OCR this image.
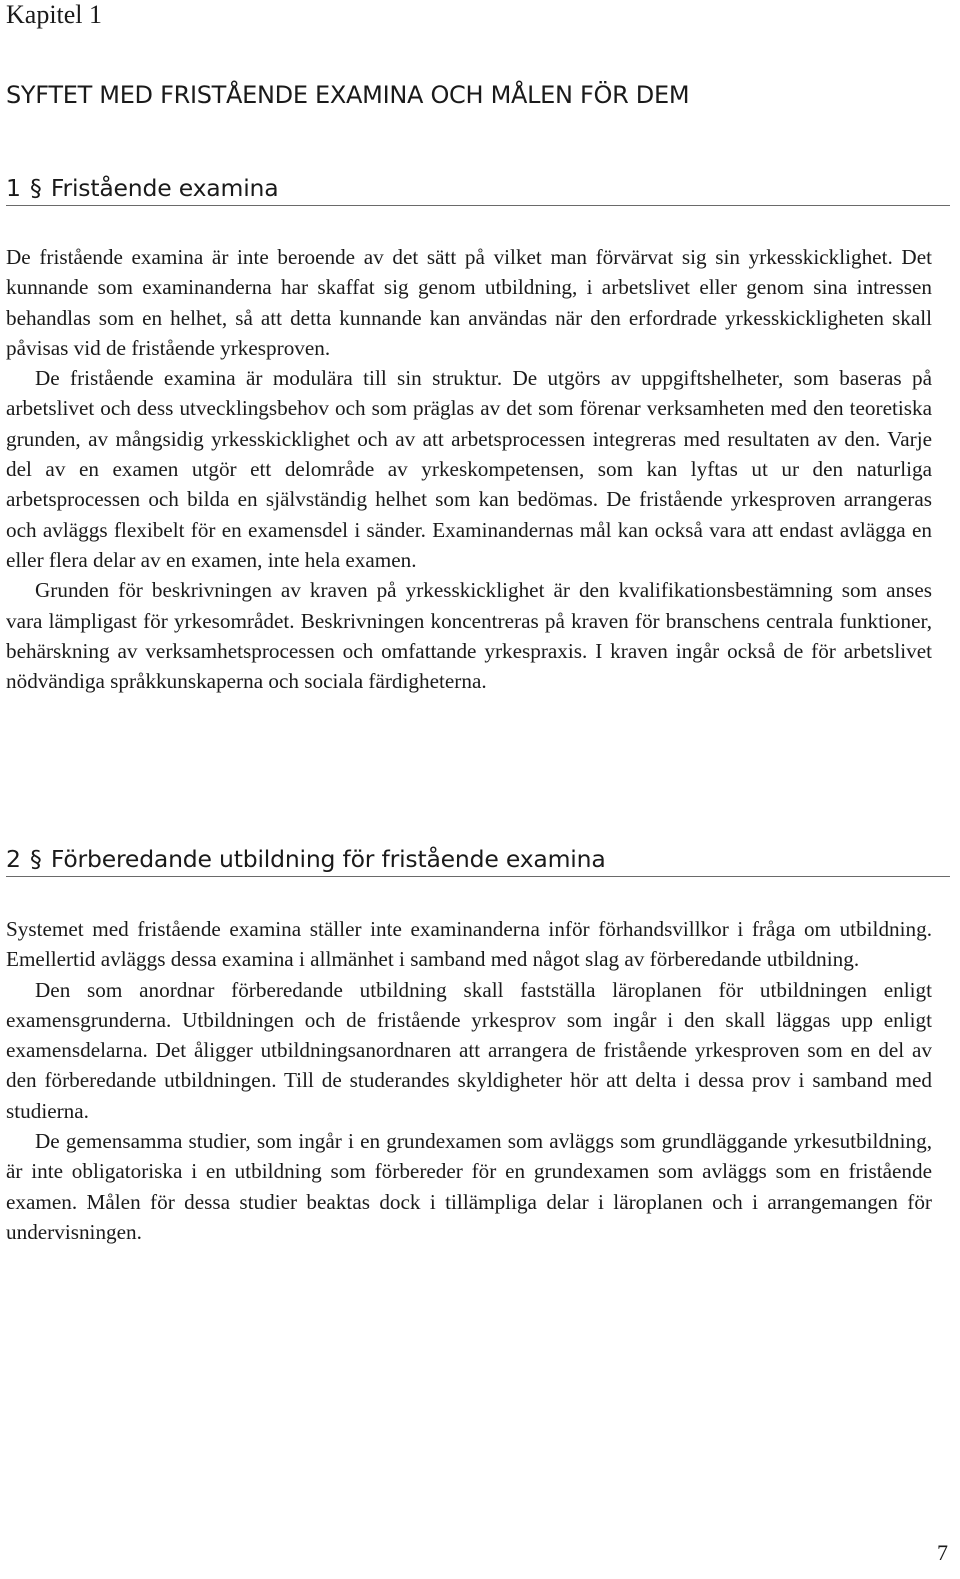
Kapitel 1
SYFTET MED FRISTÅENDE EXAMINA OCH MÅLEN FÖR DEM
1 § Fristående examina

De fristående examina är inte beroende av det sätt på vilket man förvärvat sig sin yrkesskicklighet. Det kunnande som examinanderna har skaffat sig genom utbildning, i arbetslivet eller genom sina intressen behandlas som en helhet, så att detta kunnande kan användas när den erfordrade yrkesskickligheten skall påvisas vid de fristående yrkesproven.

De fristående examina är modulära till sin struktur. De utgörs av uppgiftshelheter, som baseras på arbetslivet och dess utvecklingsbehov och som präglas av det som förenar verksamheten med den teoretiska grunden, av mångsidig yrkesskicklighet och av att arbetsprocessen integreras med resultaten av den. Varje del av en examen utgör ett delområde av yrkeskompetensen, som kan lyftas ut ur den naturliga arbetsprocessen och bilda en självständig helhet som kan bedömas. De fristående yrkesproven arrangeras och avläggs flexibelt för en examensdel i sänder. Examinandernas mål kan också vara att endast avlägga en eller flera delar av en examen, inte hela examen.

Grunden för beskrivningen av kraven på yrkesskicklighet är den kvalifikationsbestämning som anses vara lämpligast för yrkesområdet. Beskrivningen koncentreras på kraven för branschens centrala funktioner, behärskning av verksamhetsprocessen och omfattande yrkespraxis. I kraven ingår också de för arbetslivet nödvändiga språkkunskaperna och sociala färdigheterna.

2 § Förberedande utbildning för fristående examina

Systemet med fristående examina ställer inte examinanderna inför förhandsvillkor i fråga om utbildning. Emellertid avläggs dessa examina i allmänhet i samband med något slag av förberedande utbildning.

Den som anordnar förberedande utbildning skall fastställa läroplanen för utbildningen enligt examensgrunderna. Utbildningen och de fristående yrkesprov som ingår i den skall läggas upp enligt examensdelarna. Det åligger utbildningsanordnaren att arrangera de fristående yrkesproven som en del av den förberedande utbildningen. Till de studerandes skyldigheter hör att delta i dessa prov i samband med studierna.

De gemensamma studier, som ingår i en grundexamen som avläggs som grundläggande yrkesutbildning, är inte obligatoriska i en utbildning som förbereder för en grundexamen som avläggs som en fristående examen. Målen för dessa studier beaktas dock i tillämpliga delar i läroplanen och i arrangemangen för undervisningen.

7
